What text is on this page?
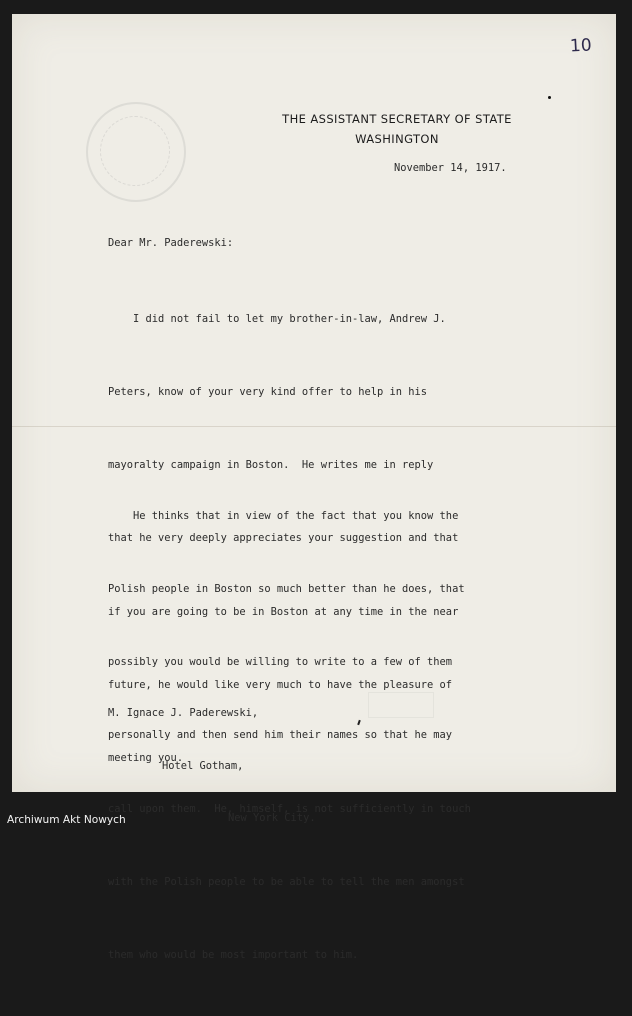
10
THE ASSISTANT SECRETARY OF STATE
WASHINGTON
November 14, 1917.
Dear Mr. Paderewski:

I did not fail to let my brother-in-law, Andrew J.

Peters, know of your very kind offer to help in his

mayoralty campaign in Boston.  He writes me in reply

that he very deeply appreciates your suggestion and that

if you are going to be in Boston at any time in the near

future, he would like very much to have the pleasure of

meeting you.

He thinks that in view of the fact that you know the

Polish people in Boston so much better than he does, that

possibly you would be willing to write to a few of them

personally and then send him their names so that he may

call upon them.  He, himself, is not sufficiently in touch

with the Polish people to be able to tell the men amongst

them who would be most important to him.

M. Ignace J. Paderewski,

Hotel Gotham,

New York City.

Archiwum Akt Nowych
